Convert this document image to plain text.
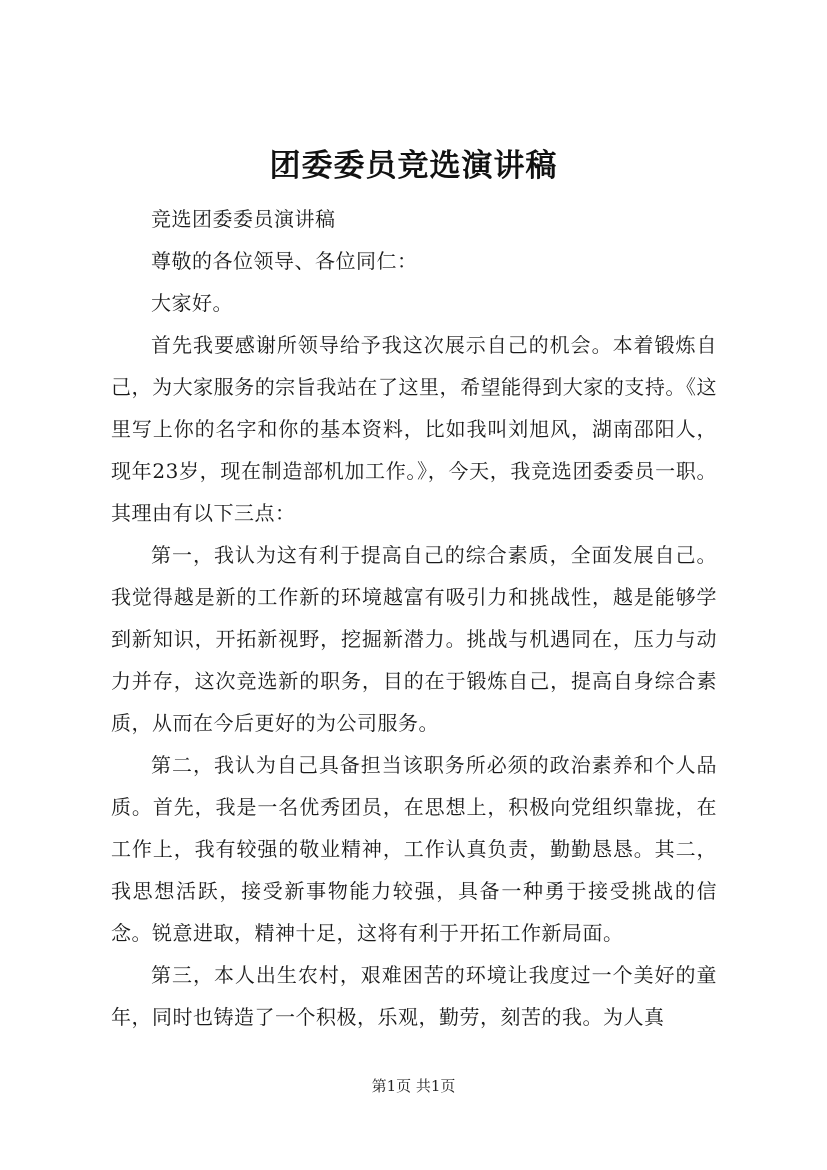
团委委员竞选演讲稿

竞选团委委员演讲稿

尊敬的各位领导、各位同仁：

大家好。

首先我要感谢所领导给予我这次展示自己的机会。本着锻炼自己，为大家服务的宗旨我站在了这里，希望能得到大家的支持。《这里写上你的名字和你的基本资料，比如我叫刘旭风，湖南邵阳人，现年23岁，现在制造部机加工作。》，今天，我竞选团委委员一职。其理由有以下三点：

第一，我认为这有利于提高自己的综合素质，全面发展自己。我觉得越是新的工作新的环境越富有吸引力和挑战性，越是能够学到新知识，开拓新视野，挖掘新潜力。挑战与机遇同在，压力与动力并存，这次竞选新的职务，目的在于锻炼自己，提高自身综合素质，从而在今后更好的为公司服务。

第二，我认为自己具备担当该职务所必须的政治素养和个人品质。首先，我是一名优秀团员，在思想上，积极向党组织靠拢，在工作上，我有较强的敬业精神，工作认真负责，勤勤恳恳。其二，我思想活跃，接受新事物能力较强，具备一种勇于接受挑战的信念。锐意进取，精神十足，这将有利于开拓工作新局面。

第三，本人出生农村，艰难困苦的环境让我度过一个美好的童年，同时也铸造了一个积极，乐观，勤劳，刻苦的我。为人真

第1页 共1页
